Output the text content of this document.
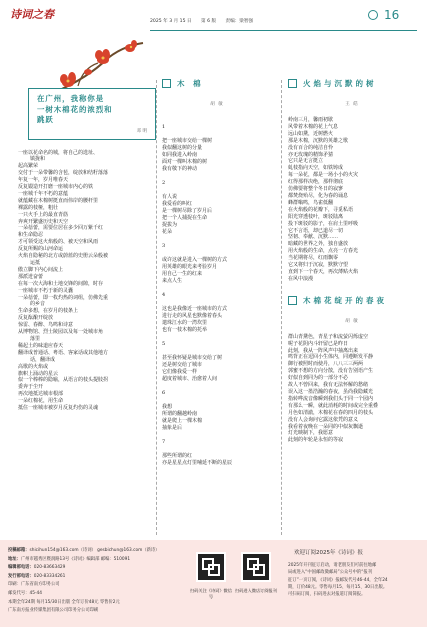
诗词之春
2025 年 3 月 15 日 第 6 版 责编：梁智强	16
在广州，我称你是
一树木棉花的浓烈和
跳跃
邓 明
一座以花命名的城，将自己的选址、
镇拢和
起高繁荣
交付于一朵带馨的含苞，绽放和结籽落落
年复一年，岁月唯春天
反复锻造开打磨一座城市内心的铁
一座城千年不朽的意蕴
就蕴藏在木棉树挺直而伟岸的腰杆里
裸露的枝桠，粗壮
一只火手上的最直青筋
奔爽开繁盛历史和天空
一朵蓓蕾，需要位居在多少回万紫千红
和生命隐忍
才可领受这火焰般的、被天空和风雨
反复所赐的山河命运
火焰自隐秘的北方或蔚蓝的史册云朵般被
运抵
傲立脚下内心间流上
那派迸奋蕾
在每一次大海和土地交锋的间隙，时存
一座城市不朽于新的灵囊
一朵蓓蕾，即一枚灼热的词组，仿佛先重
的乡音
生命多想，在岁月的枝条上
反复酝酿开绽放
惊雷、春醉、鸟鸣和诗意
从博物馆、烈士陵园以及每一处城市角
落里
稀起土的味道应春天
翻译成普通话、粤语、客家话或其他地方
话，翻译成
高歌的火焰或
旗帜上涌动的星云
似一个棒棒的隐喻，从语言的枝头提肢拐
委奔于尘开
再次地抵达城市根部
一朵红棉花，用生命
抵住一座城市被岁月反复灼伤的灵魂
木 棉
胡 敏
1
把一座城市交给一棵树
我似翻这树的分量
如同我进入岭南
面对一棵叫木棉的树
我有敬下的神动
2
有人说
我爱看的叫红
是一棵树尽除了岁月后
把一个人捕捉在生命
捉拔为
花朵
3
或许这就是进入一棵树的方式
用英雄的眼光来考验岁月
用自己一生的红来
来点人生
4
这也是我像近一座城市的方式
进行走的风星也默像着春头
遣珠江水的一湾坎里
也有一枝木棉的托举
5
甚至我怀疑是城市交给了树
还是树交给了城市
它们像我爱一样
超度着城市、治愈着人间
6
我想
所谓的翻越岭南
就是爬上一棵木棉
抽象是后
7
那些所谓的红
亦是星星点灯里哺延不断的星辰
火焰与沉默的树
王 皓
岭南三月，馨雨初歇
风带着木棉的花上气息
远山如黛，近树燃火
那是木棉，沉默的英雄之歌
没有百合的纯洁自怜
亦无玫瑰的精饰矛猜
它只是无言挺立
虬枝指向天空，如铁铸成
每一朵花，都是一场小小的火灾
红得那样决绝，那样彻底
仿佛要将整个冬日的寂寥
都焚烧殆尽，化为春的诵息
蜂群嗡鸣，鸟雀低翻
在火焰般的花瓣下，寻觅私语
阳光穿透枝叶，斑驳陆离
投下斑驳的影子，在肩土里呼吸
它不言语，却已道尽一切
坚韧、奉献、沉默……
暗藏的世界之外，独自盛放
用火焰般的生命，点亮一方春光
当花期将尽，红雨飘零
它又将归于沉寂，默默守望
直到下一个春天，再次薄贴火焰
在风中浪漫
木棉花绽开的春夜
胡 敏
群山青黛色，青星子和流萤闪烁虚空
呢子花阴内斗轩留已是昨日
此刻，我从一阵风声中抽离出来
鸣背正在逗回小生体内，同遵断发平静
御行被照时而使丹，八八三三两两
郭蜜不想的方向分散，没有告别语产生
好似自到同为的一部分不必
故人不曾回来，我有无法怀解的愁绪
误入这一墨浩瀚的春夜，虽尚我隐藏光
指转哗流音像瞬到我们头于同一个园内
有那么一瞬，就此消耗的时间或完全重叠
月色如清澈，木棉花在春的四月的枝头
没有人会询问它露这依凭的意义
我看着夜晚在一朵同的中似灰飘逝
灯光映制下，我愿意
此刻的年轮是永恒的等寂
投稿邮箱：shicihun154@163.com（诗词） gesbichun@163.com（新诗）
地址：广州市越秀区暨润路13号《诗词》编辑部 邮编：510091
编辑部电话：020-83663429
发行部电话：020-83334261
印刷：广东省南方印务公司
邮发代号：45-44
本期全年24期 每月15/30日出版 全年订价48元 零售价2元
广东南方报业传媒集团有限公司印务分公司印刷
扫码关注《诗词》微信号
扫码进入微店订阅报刊
欢迎订阅2025年《诗词》报
2025年开刊征订启动，请老朋友们可前往地邮
局或进入“中国邮政微邮局”公众号中的“报刊
征订”一页订阅，《诗词》报邮发代号46-44，全年24
期，订价48元。零售每月15、每月15、30日出版。
可扫码订阅，扫码进去对报道订阅简报。
